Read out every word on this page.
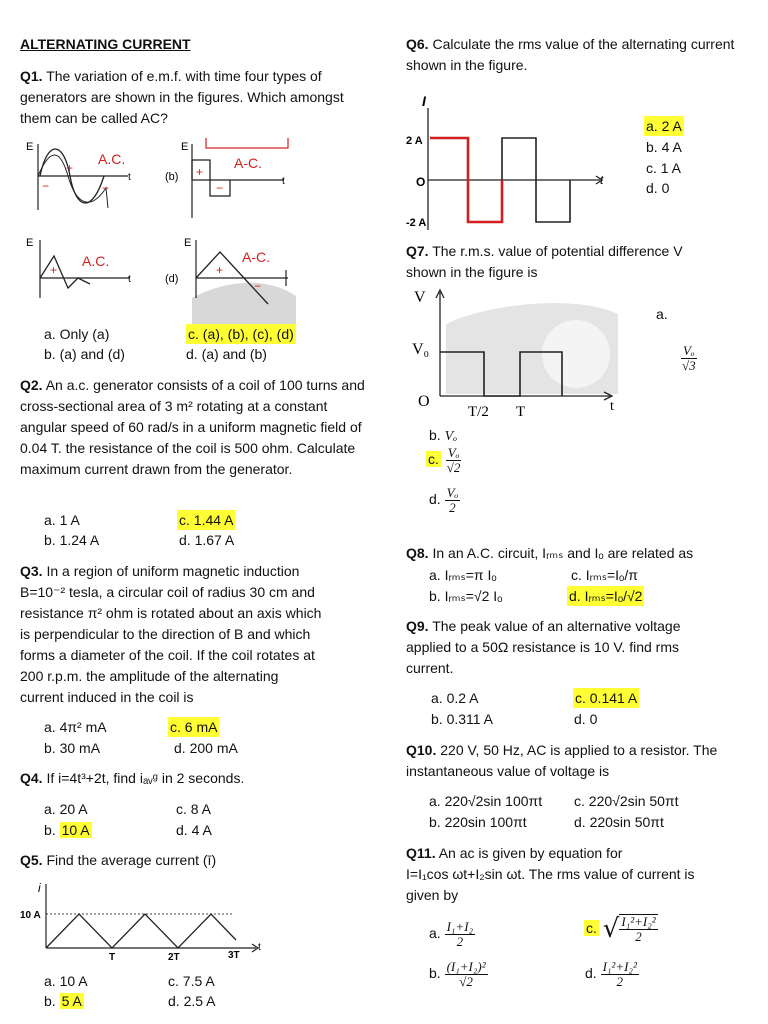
ALTERNATING CURRENT
Q1. The variation of e.m.f. with time four types of generators are shown in the figures. Which amongst them can be called AC?
E
t
A.C.
+
−	−
(b)
E
t
A-C.
+
−
E
t
A.C.
+
(d)
E
A-C.
+
−
a. Only (a)
b. (a) and (d)
c. (a), (b), (c), (d)
d. (a) and (b)
Q2. An a.c. generator consists of a coil of 100 turns and cross-sectional area of 3 m² rotating at a constant angular speed of 60 rad/s in a uniform magnetic field of 0.04 T. the resistance of the coil is 500 ohm. Calculate maximum current drawn from the generator.
a. 1 A
b. 1.24 A
c. 1.44 A
d. 1.67 A
Q3. In a region of uniform magnetic induction
B=10⁻² tesla, a circular coil of radius 30 cm and
resistance π² ohm is rotated about an axis which
is perpendicular to the direction of B and which
forms a diameter of the coil. If the coil rotates at
200 r.p.m. the amplitude of the alternating
current induced in the coil is
a. 4π² mA
b. 30 mA
c. 6 mA
d. 200 mA
Q4. If i=4t³+2t, find iₐᵥᵍ in 2 seconds.
a. 20 A
b. 10 A
c. 8 A
d. 4 A
Q5. Find the average current (ī)
i
t
10 A
T	2T	3T
a. 10 A
b. 5 A
c. 7.5 A
d. 2.5 A
Q6. Calculate the rms value of the alternating current shown in the figure.
I
t
2 A
O
-2 A
a. 2 A
b. 4 A
c. 1 A
d. 0
Q7. The r.m.s. value of potential difference V shown in the figure is
V
t
V₀
O
T/2 T
a.
$\frac{\text{Vₒ}}{√3}$
b. Vₒ
c. $\frac{\text{Vₒ}}{√2}$
d. $\frac{\text{Vₒ}}{2}$
Q8. In an A.C. circuit, Iᵣₘₛ and Iₒ are related as
a. Iᵣₘₛ=π Iₒ
b. Iᵣₘₛ=√2 Iₒ
c. Iᵣₘₛ=Iₒ/π
d. Iᵣₘₛ=Iₒ/√2
Q9. The peak value of an alternative voltage applied to a 50Ω resistance is 10 V. find rms current.
a. 0.2 A
b. 0.311 A
c. 0.141 A
d. 0
Q10. 220 V, 50 Hz, AC is applied to a resistor. The instantaneous value of voltage is
a. 220√2sin 100πt
b. 220sin 100πt
c. 220√2sin 50πt
d. 220sin 50πt
Q11. An ac is given by equation for
I=I₁cos ωt+I₂sin ωt. The rms value of current is
given by
a. $\frac{\text{I₁+I₂}}{2}$	c. √ $\frac{\text{I₁²+I₂²}}{2}$
b. $\frac{\text{(I₁+I₂)²}}{√2}$	d. $\frac{\text{I₁²+I₂²}}{2}$
